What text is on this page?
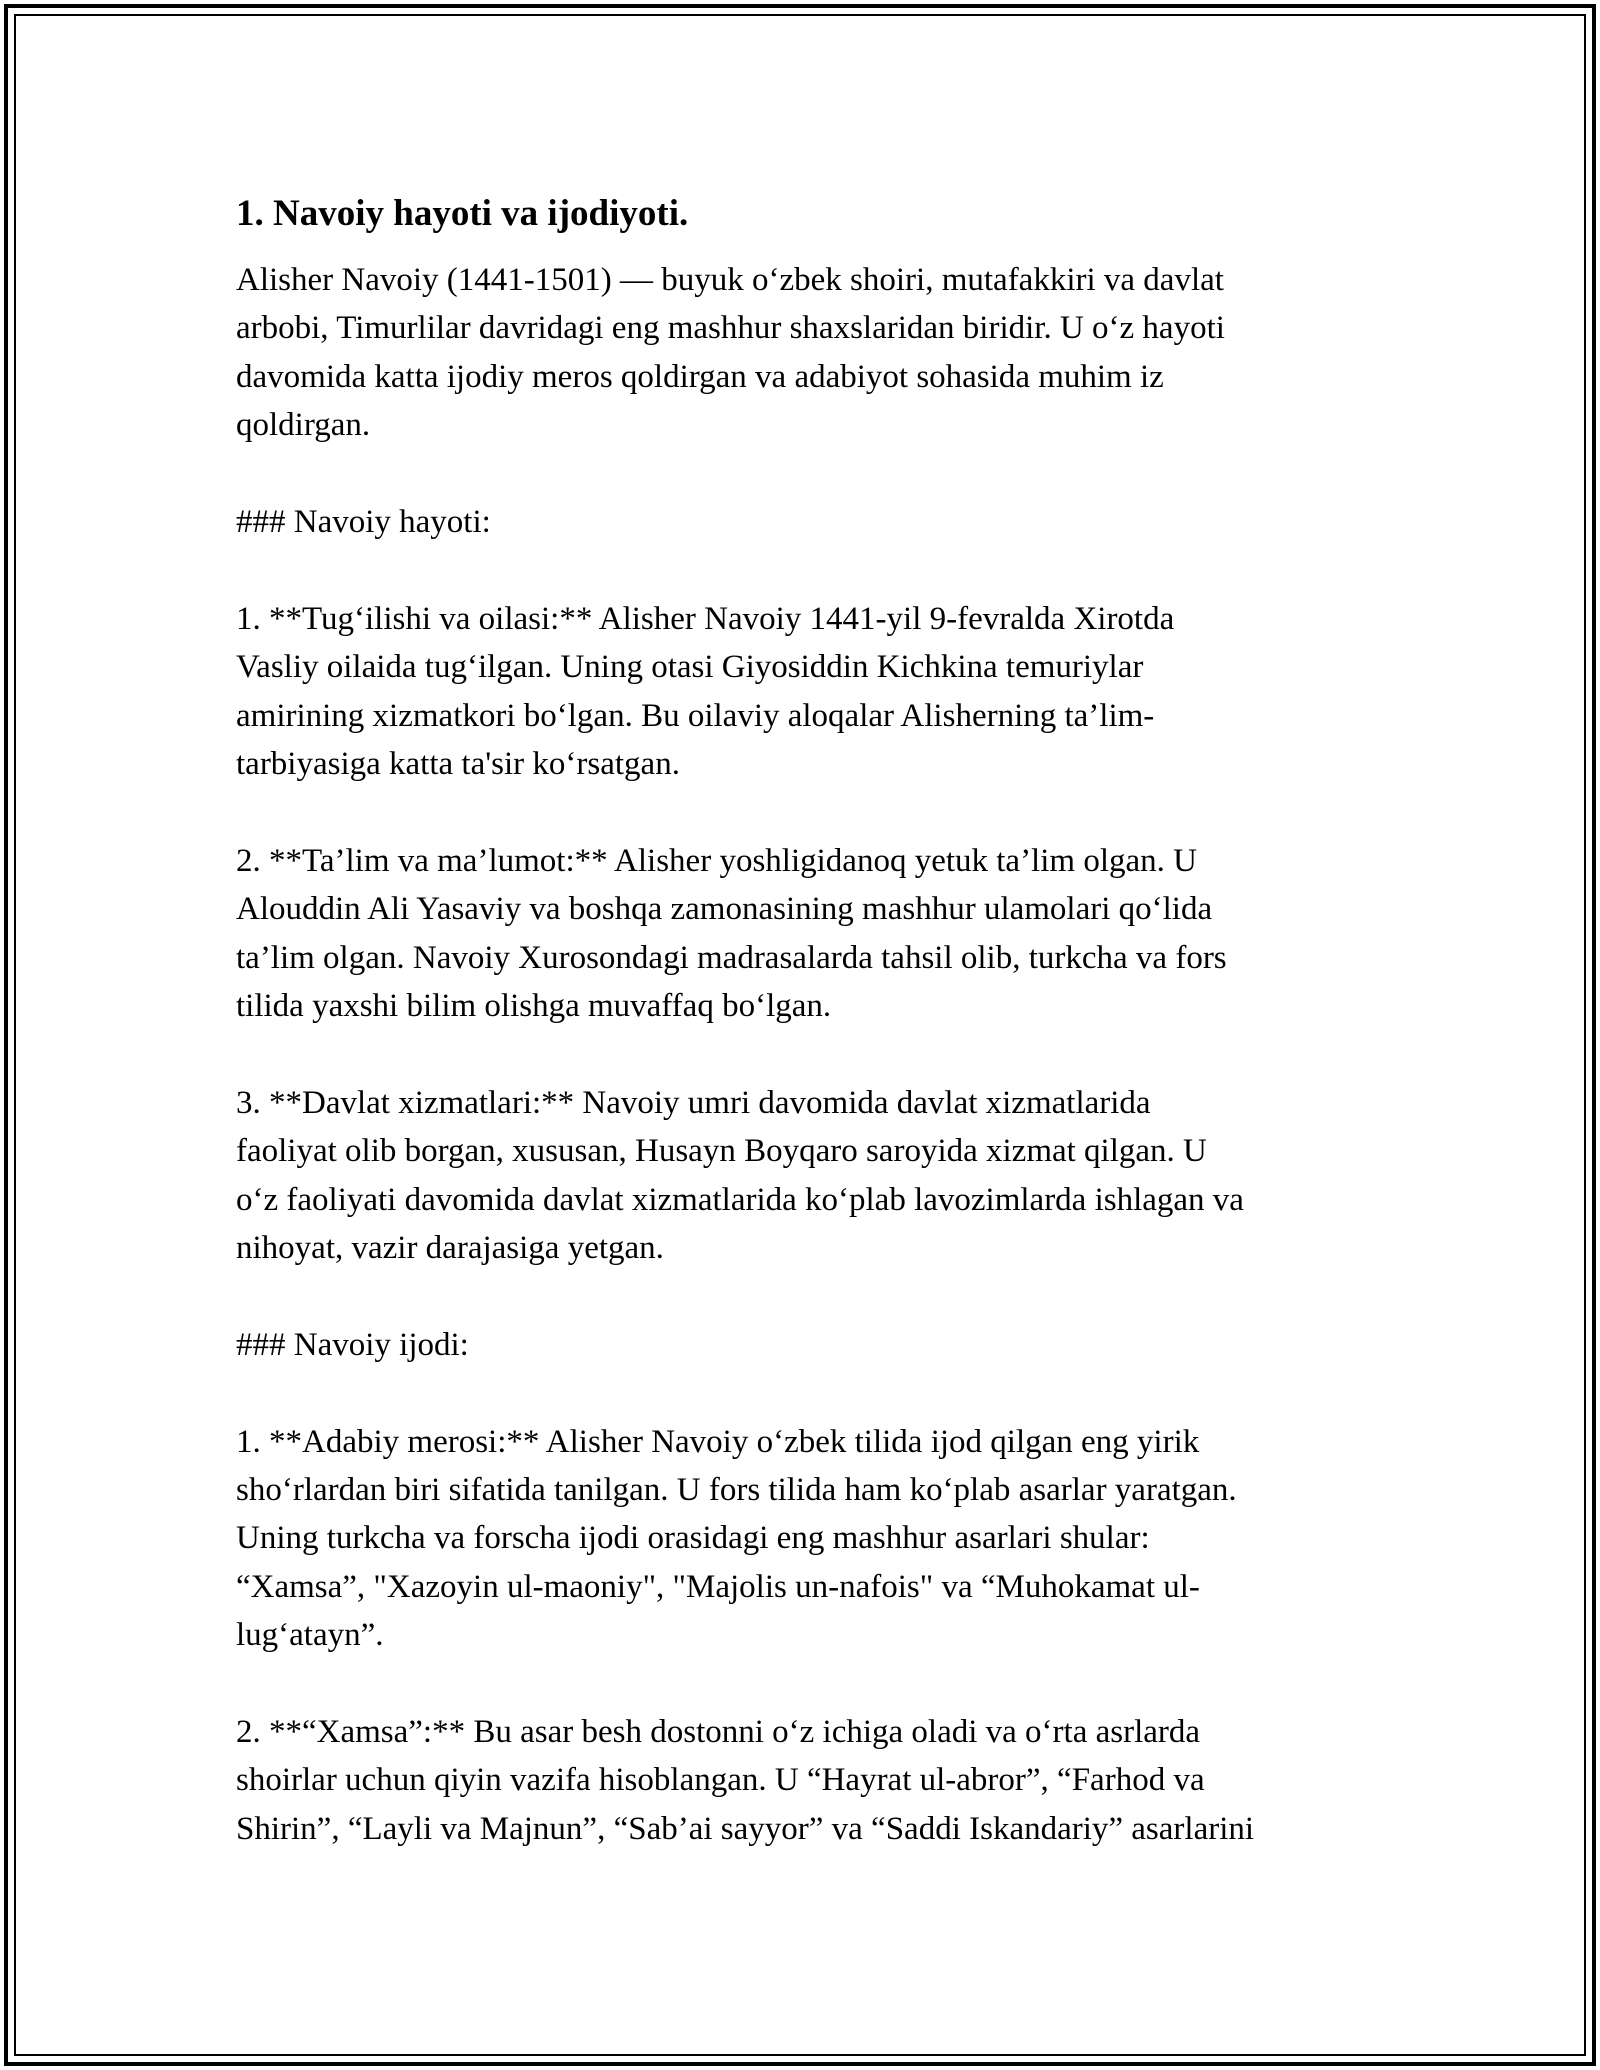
1. Navoiy hayoti va ijodiyoti.

Alisher Navoiy (1441-1501) — buyuk o‘zbek shoiri, mutafakkiri va davlat
arbobi, Timurlilar davridagi eng mashhur shaxslaridan biridir. U o‘z hayoti
davomida katta ijodiy meros qoldirgan va adabiyot sohasida muhim iz
qoldirgan.

### Navoiy hayoti:

1. **Tug‘ilishi va oilasi:** Alisher Navoiy 1441-yil 9-fevralda Xirotda
Vasliy oilaida tug‘ilgan. Uning otasi Giyosiddin Kichkina temuriylar
amirining xizmatkori bo‘lgan. Bu oilaviy aloqalar Alisherning ta’lim-
tarbiyasiga katta ta'sir ko‘rsatgan.

2. **Ta’lim va ma’lumot:** Alisher yoshligidanoq yetuk ta’lim olgan. U
Alouddin Ali Yasaviy va boshqa zamonasining mashhur ulamolari qo‘lida
ta’lim olgan. Navoiy Xurosondagi madrasalarda tahsil olib, turkcha va fors
tilida yaxshi bilim olishga muvaffaq bo‘lgan.

3. **Davlat xizmatlari:** Navoiy umri davomida davlat xizmatlarida
faoliyat olib borgan, xususan, Husayn Boyqaro saroyida xizmat qilgan. U
o‘z faoliyati davomida davlat xizmatlarida ko‘plab lavozimlarda ishlagan va
nihoyat, vazir darajasiga yetgan.

### Navoiy ijodi:

1. **Adabiy merosi:** Alisher Navoiy o‘zbek tilida ijod qilgan eng yirik
sho‘rlardan biri sifatida tanilgan. U fors tilida ham ko‘plab asarlar yaratgan.
Uning turkcha va forscha ijodi orasidagi eng mashhur asarlari shular:
“Xamsa”, "Xazoyin ul-maoniy", "Majolis un-nafois" va “Muhokamat ul-
lug‘atayn”.

2. **“Xamsa”:** Bu asar besh dostonni o‘z ichiga oladi va o‘rta asrlarda
shoirlar uchun qiyin vazifa hisoblangan. U “Hayrat ul-abror”, “Farhod va
Shirin”, “Layli va Majnun”, “Sab’ai sayyor” va “Saddi Iskandariy” asarlarini
